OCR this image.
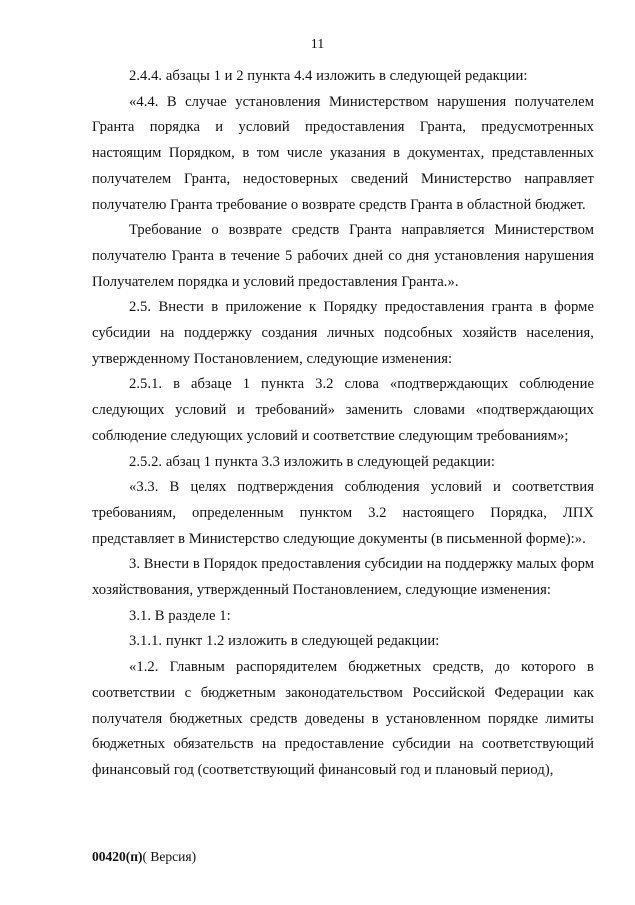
11

2.4.4. абзацы 1 и 2 пункта 4.4 изложить в следующей редакции:

«4.4. В случае установления Министерством нарушения получателем Гранта порядка и условий предоставления Гранта, предусмотренных настоящим Порядком, в том числе указания в документах, представленных получателем Гранта, недостоверных сведений Министерство направляет получателю Гранта требование о возврате средств Гранта в областной бюджет.

Требование о возврате средств Гранта направляется Министерством получателю Гранта в течение 5 рабочих дней со дня установления нарушения Получателем порядка и условий предоставления Гранта.».

2.5. Внести в приложение к Порядку предоставления гранта в форме субсидии на поддержку создания личных подсобных хозяйств населения, утвержденному Постановлением, следующие изменения:

2.5.1. в абзаце 1 пункта 3.2 слова «подтверждающих соблюдение следующих условий и требований» заменить словами «подтверждающих соблюдение следующих условий и соответствие следующим требованиям»;

2.5.2. абзац 1 пункта 3.3 изложить в следующей редакции:

«3.3. В целях подтверждения соблюдения условий и соответствия требованиям, определенным пунктом 3.2 настоящего Порядка, ЛПХ представляет в Министерство следующие документы (в письменной форме):».

3. Внести в Порядок предоставления субсидии на поддержку малых форм хозяйствования, утвержденный Постановлением, следующие изменения:

3.1. В разделе 1:

3.1.1. пункт 1.2 изложить в следующей редакции:

«1.2. Главным распорядителем бюджетных средств, до которого в соответствии с бюджетным законодательством Российской Федерации как получателя бюджетных средств доведены в установленном порядке лимиты бюджетных обязательств на предоставление субсидии на соответствующий финансовый год (соответствующий финансовый год и плановый период),

00420(п)( Версия)
